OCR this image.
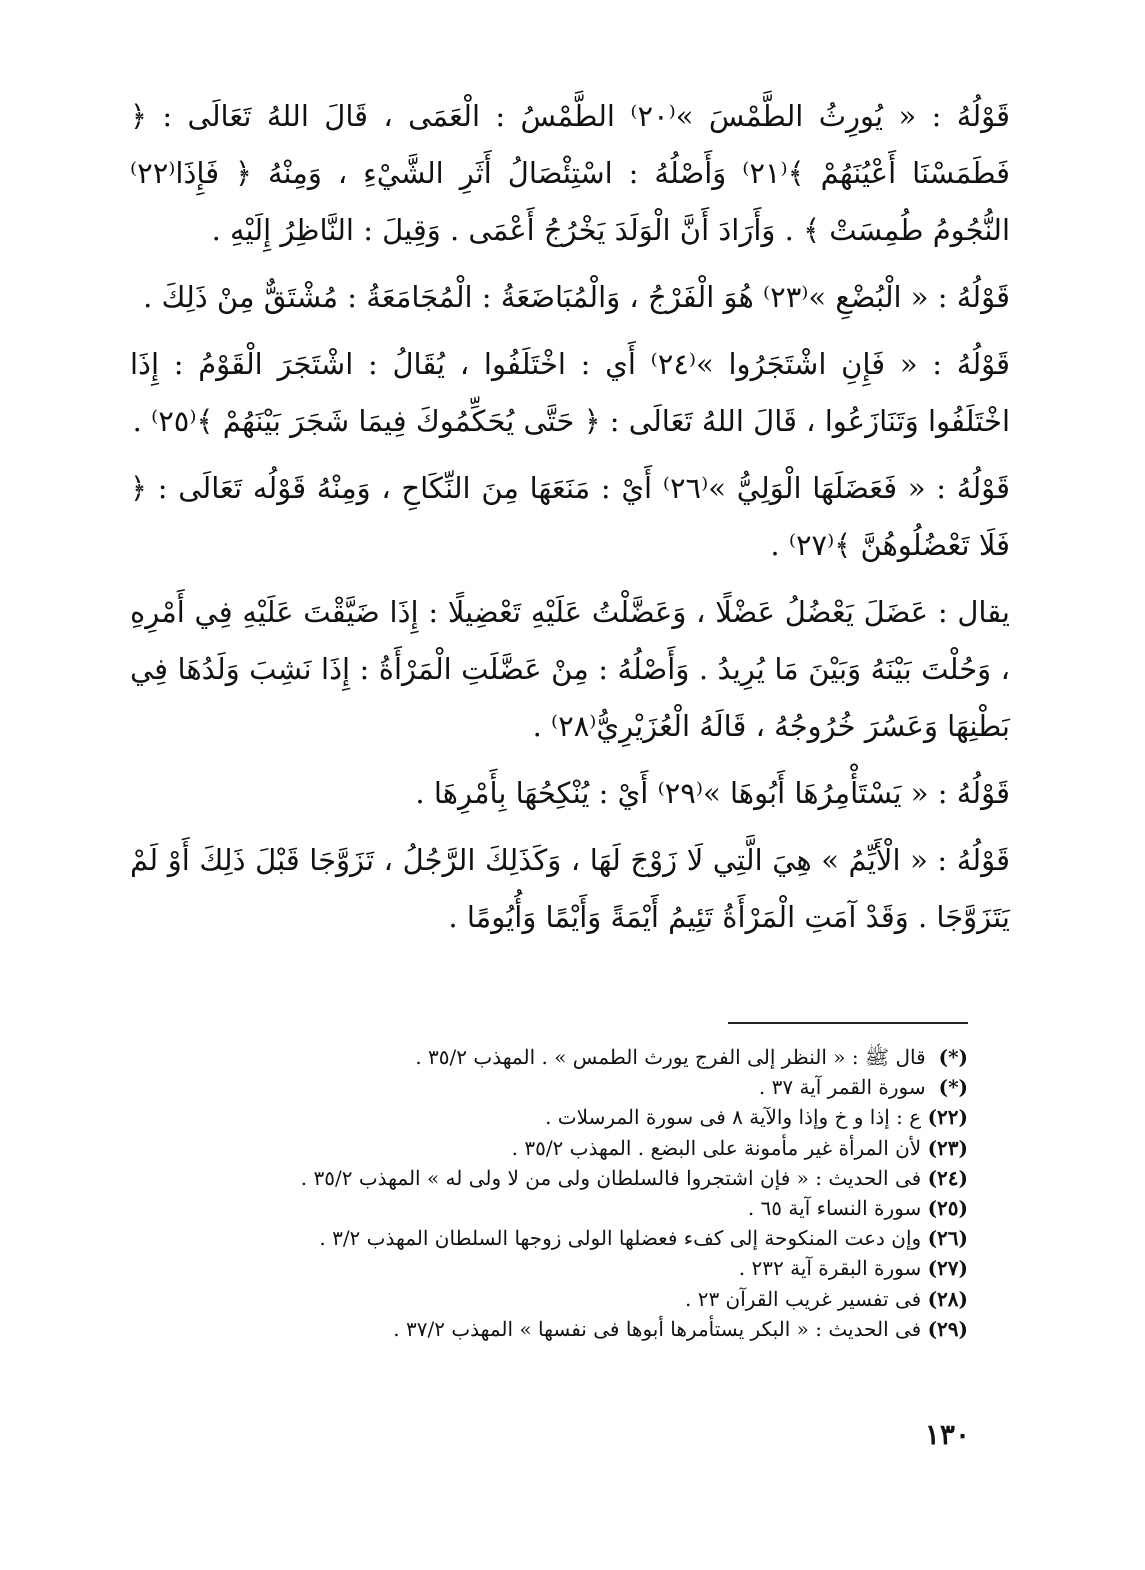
قَوْلُهُ : « يُورِثُ الطَّمْسَ »⁽٢٠⁾ الطَّمْسُ : الْعَمَى ، قَالَ اللهُ تَعَالَى : ﴿ فَطَمَسْنَا أَعْيُنَهُمْ ﴾⁽٢١⁾ وَأَصْلُهُ : اسْتِئْصَالُ أَثَرِ الشَّيْءِ ، وَمِنْهُ ﴿ فَإِذَا⁽٢٢⁾ النُّجُومُ طُمِسَتْ ﴾ . وَأَرَادَ أَنَّ الْوَلَدَ يَخْرُجُ أَعْمَى . وَقِيلَ : النَّاظِرُ إِلَيْهِ .

قَوْلُهُ : « الْبُضْعِ »⁽٢٣⁾ هُوَ الْفَرْجُ ، وَالْمُبَاضَعَةُ : الْمُجَامَعَةُ : مُشْتَقٌّ مِنْ ذَلِكَ .

قَوْلُهُ : « فَإِنِ اشْتَجَرُوا »⁽٢٤⁾ أَي : اخْتَلَفُوا ، يُقَالُ : اشْتَجَرَ الْقَوْمُ : إِذَا اخْتَلَفُوا وَتَنَازَعُوا ، قَالَ اللهُ تَعَالَى : ﴿ حَتَّى يُحَكِّمُوكَ فِيمَا شَجَرَ بَيْنَهُمْ ﴾⁽٢٥⁾ .

قَوْلُهُ : « فَعَضَلَهَا الْوَلِيُّ »⁽٢٦⁾ أَيْ : مَنَعَهَا مِنَ النِّكَاحِ ، وَمِنْهُ قَوْلُه تَعَالَى : ﴿ فَلَا تَعْضُلُوهُنَّ ﴾⁽٢٧⁾ .

يقال : عَضَلَ يَعْضُلُ عَضْلًا ، وَعَضَّلْتُ عَلَيْهِ تَعْضِيلًا : إِذَا ضَيَّقْتَ عَلَيْهِ فِي أَمْرِهِ ، وَحُلْتَ بَيْنَهُ وَبَيْنَ مَا يُرِيدُ . وَأَصْلُهُ : مِنْ عَضَّلَتِ الْمَرْأَةُ : إِذَا نَشِبَ وَلَدُهَا فِي بَطْنِهَا وَعَسُرَ خُرُوجُهُ ، قَالَهُ الْعُزَيْرِيُّ⁽٢٨⁾ .

قَوْلُهُ : « يَسْتَأْمِرُهَا أَبُوهَا »⁽٢٩⁾ أَيْ : يُنْكِحُهَا بِأَمْرِهَا .

قَوْلُهُ : « الْأَيِّمُ » هِيَ الَّتِي لَا زَوْجَ لَهَا ، وَكَذَلِكَ الرَّجُلُ ، تَزَوَّجَا قَبْلَ ذَلِكَ أَوْ لَمْ يَتَزَوَّجَا . وَقَدْ آمَتِ الْمَرْأَةُ تَئِيمُ أَيْمَةً وَأَيْمًا وَأُيُومًا .

(*) قال ﷺ : « النظر إلى الفرج يورث الطمس » . المهذب ٣٥/٢ .
(*) سورة القمر آية ٣٧ .
(٢٢) ع : إذا و خ وإذا والآية ٨ فى سورة المرسلات .
(٢٣) لأن المرأة غير مأمونة على البضع . المهذب ٣٥/٢ .
(٢٤) فى الحديث : « فإن اشتجروا فالسلطان ولى من لا ولى له » المهذب ٣٥/٢ .
(٢٥) سورة النساء آية ٦٥ .
(٢٦) وإن دعت المنكوحة إلى كفء فعضلها الولى زوجها السلطان المهذب ٣/٢ .
(٢٧) سورة البقرة آية ٢٣٢ .
(٢٨) فى تفسير غريب القرآن ٢٣ .
(٢٩) فى الحديث : « البكر يستأمرها أبوها فى نفسها » المهذب ٣٧/٢ .
١٣٠
